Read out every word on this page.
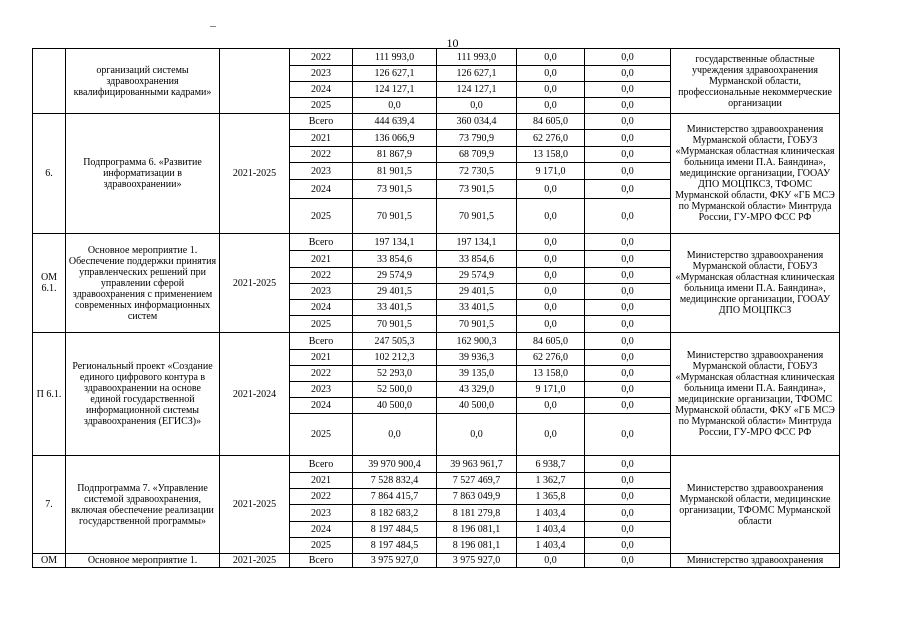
10
	организаций системы здравоохранения квалифицированными кадрами»		2022	111 993,0	111 993,0	0,0	0,0	государственные областные учреждения здравоохранения Мурманской области, профессиональные некоммерческие организации
			2023	126 627,1	126 627,1	0,0	0,0	
			2024	124 127,1	124 127,1	0,0	0,0	
			2025	0,0	0,0	0,0	0,0	
6.	Подпрограмма 6. «Развитие информатизации в здравоохранении»	2021-2025	Всего	444 639,4	360 034,4	84 605,0	0,0	Министерство здравоохранения Мурманской области, ГОБУЗ «Мурманская областная клиническая больница имени П.А. Баяндина», медицинские организации, ГООАУ ДПО МОЦПКСЗ, ТФОМС Мурманской области, ФКУ «ГБ МСЭ по Мурманской области» Минтруда России, ГУ-МРО ФСС РФ
			2021	136 066,9	73 790,9	62 276,0	0,0	
			2022	81 867,9	68 709,9	13 158,0	0,0	
			2023	81 901,5	72 730,5	9 171,0	0,0	
			2024	73 901,5	73 901,5	0,0	0,0	
			2025	70 901,5	70 901,5	0,0	0,0	
ОМ 6.1.	Основное мероприятие 1. Обеспечение поддержки принятия управленческих решений при управлении сферой здравоохранения с применением современных информационных систем	2021-2025	Всего	197 134,1	197 134,1	0,0	0,0	Министерство здравоохранения Мурманской области, ГОБУЗ «Мурманская областная клиническая больница имени П.А. Баяндина», медицинские организации, ГООАУ ДПО МОЦПКСЗ
			2021	33 854,6	33 854,6	0,0	0,0	
			2022	29 574,9	29 574,9	0,0	0,0	
			2023	29 401,5	29 401,5	0,0	0,0	
			2024	33 401,5	33 401,5	0,0	0,0	
			2025	70 901,5	70 901,5	0,0	0,0	
П 6.1.	Региональный проект «Создание единого цифрового контура в здравоохранении на основе единой государственной информационной системы здравоохранения (ЕГИСЗ)»	2021-2024	Всего	247 505,3	162 900,3	84 605,0	0,0	Министерство здравоохранения Мурманской области, ГОБУЗ «Мурманская областная клиническая больница имени П.А. Баяндина», медицинские организации, ТФОМС Мурманской области, ФКУ «ГБ МСЭ по Мурманской области» Минтруда России, ГУ-МРО ФСС РФ
			2021	102 212,3	39 936,3	62 276,0	0,0	
			2022	52 293,0	39 135,0	13 158,0	0,0	
			2023	52 500,0	43 329,0	9 171,0	0,0	
			2024	40 500,0	40 500,0	0,0	0,0	
			2025	0,0	0,0	0,0	0,0	
7.	Подпрограмма 7. «Управление системой здравоохранения, включая обеспечение реализации государственной программы»	2021-2025	Всего	39 970 900,4	39 963 961,7	6 938,7	0,0	Министерство здравоохранения Мурманской области, медицинские организации, ТФОМС Мурманской области
			2021	7 528 832,4	7 527 469,7	1 362,7	0,0	
			2022	7 864 415,7	7 863 049,9	1 365,8	0,0	
			2023	8 182 683,2	8 181 279,8	1 403,4	0,0	
			2024	8 197 484,5	8 196 081,1	1 403,4	0,0	
			2025	8 197 484,5	8 196 081,1	1 403,4	0,0	
ОМ	Основное мероприятие 1.	2021-2025	Всего	3 975 927,0	3 975 927,0	0,0	0,0	Министерство здравоохранения
